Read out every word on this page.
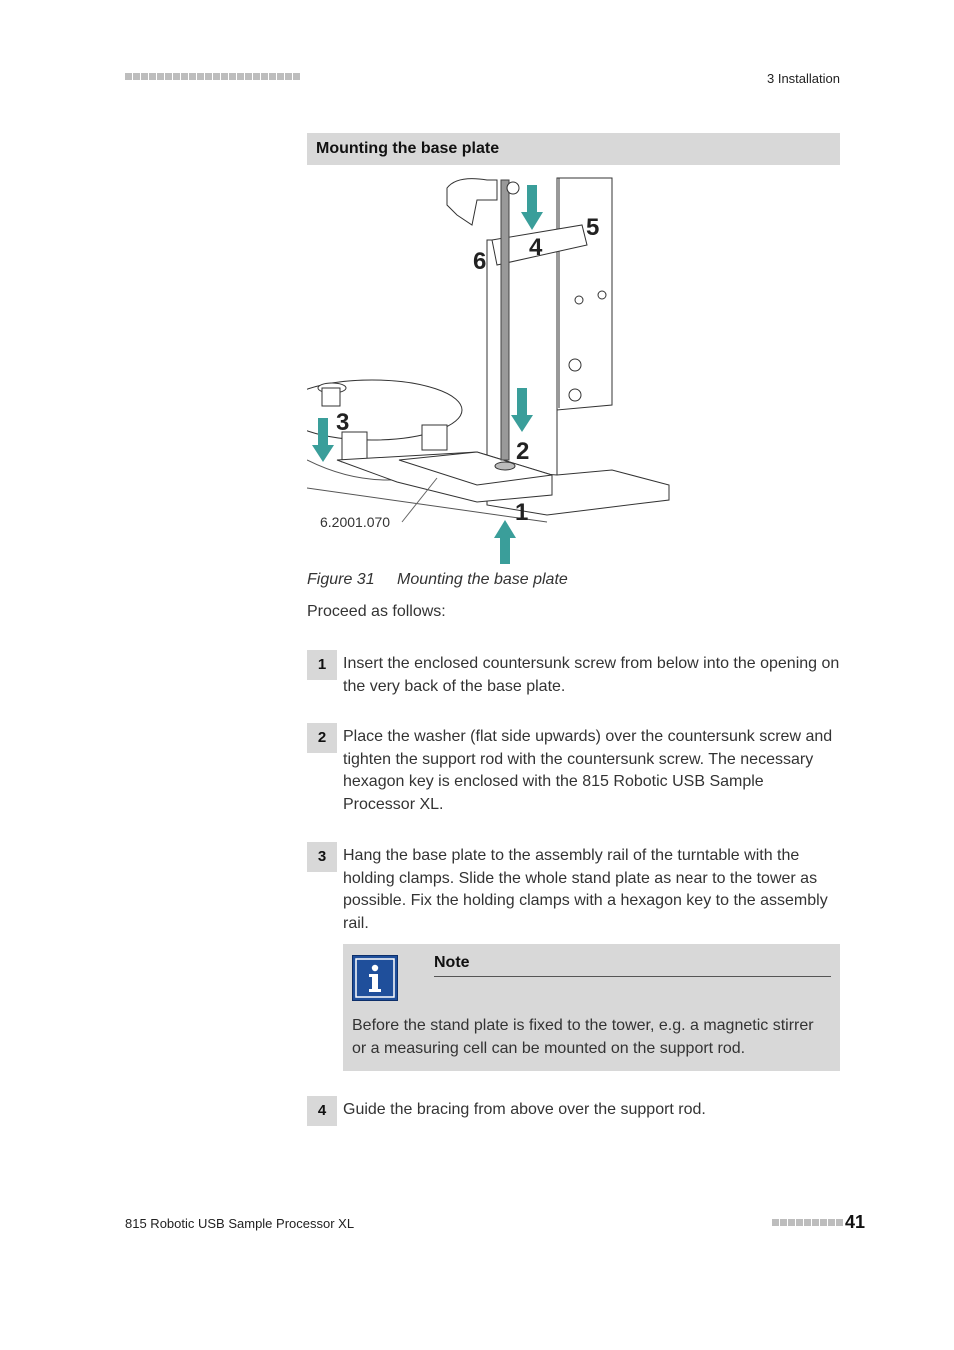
3 Installation
Mounting the base plate
5
4
6
3
2
1
6.2001.070
Figure 31 Mounting the base plate
Proceed as follows:
1	Insert the enclosed countersunk screw from below into the opening on the very back of the base plate.
2	Place the washer (flat side upwards) over the countersunk screw and tighten the support rod with the countersunk screw. The necessary hexagon key is enclosed with the 815 Robotic USB Sample Processor XL.
3	Hang the base plate to the assembly rail of the turntable with the holding clamps. Slide the whole stand plate as near to the tower as possible. Fix the holding clamps with a hexagon key to the assembly rail.
Note
Before the stand plate is fixed to the tower, e.g. a magnetic stirrer or a measuring cell can be mounted on the support rod.
4	Guide the bracing from above over the support rod.
815 Robotic USB Sample Processor XL	41
